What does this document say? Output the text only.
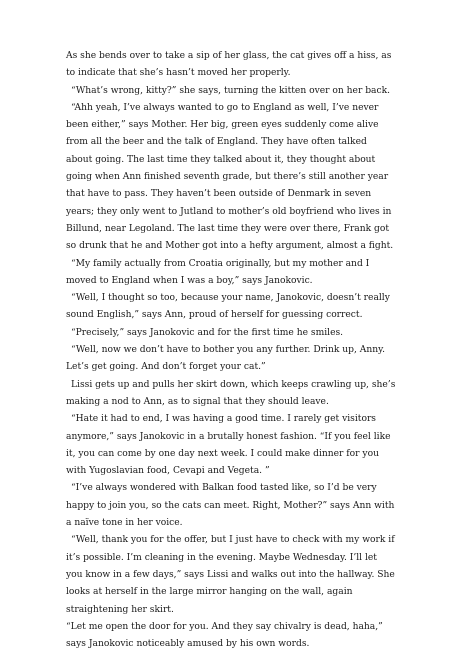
As she bends over to take a sip of her glass, the cat gives off a hiss, as to indicate that she’s hasn’t moved her properly.

“What’s wrong, kitty?” she says, turning the kitten over on her back.

“Ahh yeah, I’ve always wanted to go to England as well, I’ve never been either,” says Mother. Her big, green eyes suddenly come alive from all the beer and the talk of England. They have often talked about going. The last time they talked about it, they thought about going when Ann finished seventh grade, but there’s still another year that have to pass. They haven’t been outside of Denmark in seven years; they only went to Jutland to mother’s old boyfriend who lives in Billund, near Legoland. The last time they were over there, Frank got so drunk that he and Mother got into a hefty argument, almost a fight.

“My family actually from Croatia originally, but my mother and I moved to England when I was a boy,” says Janokovic.

“Well, I thought so too, because your name, Janokovic, doesn’t really sound English,” says Ann, proud of herself for guessing correct.

“Precisely,” says Janokovic and for the first time he smiles.

“Well, now we don’t have to bother you any further. Drink up, Anny. Let’s get going. And don’t forget your cat.”

Lissi gets up and pulls her skirt down, which keeps crawling up, she’s making a nod to Ann, as to signal that they should leave.

“Hate it had to end, I was having a good time. I rarely get visitors anymore,” says Janokovic in a brutally honest fashion. “If you feel like it, you can come by one day next week. I could make dinner for you with Yugoslavian food, Cevapi and Vegeta. ”

“I’ve always wondered with Balkan food tasted like, so I’d be very happy to join you, so the cats can meet. Right, Mother?” says Ann with a naïve tone in her voice.

“Well, thank you for the offer, but I just have to check with my work if it’s possible. I’m cleaning in the evening. Maybe Wednesday. I’ll let you know in a few days,” says Lissi and walks out into the hallway. She looks at herself in the large mirror hanging on the wall, again straightening her skirt.

“Let me open the door for you. And they say chivalry is dead, haha,” says Janokovic noticeably amused by his own words.
